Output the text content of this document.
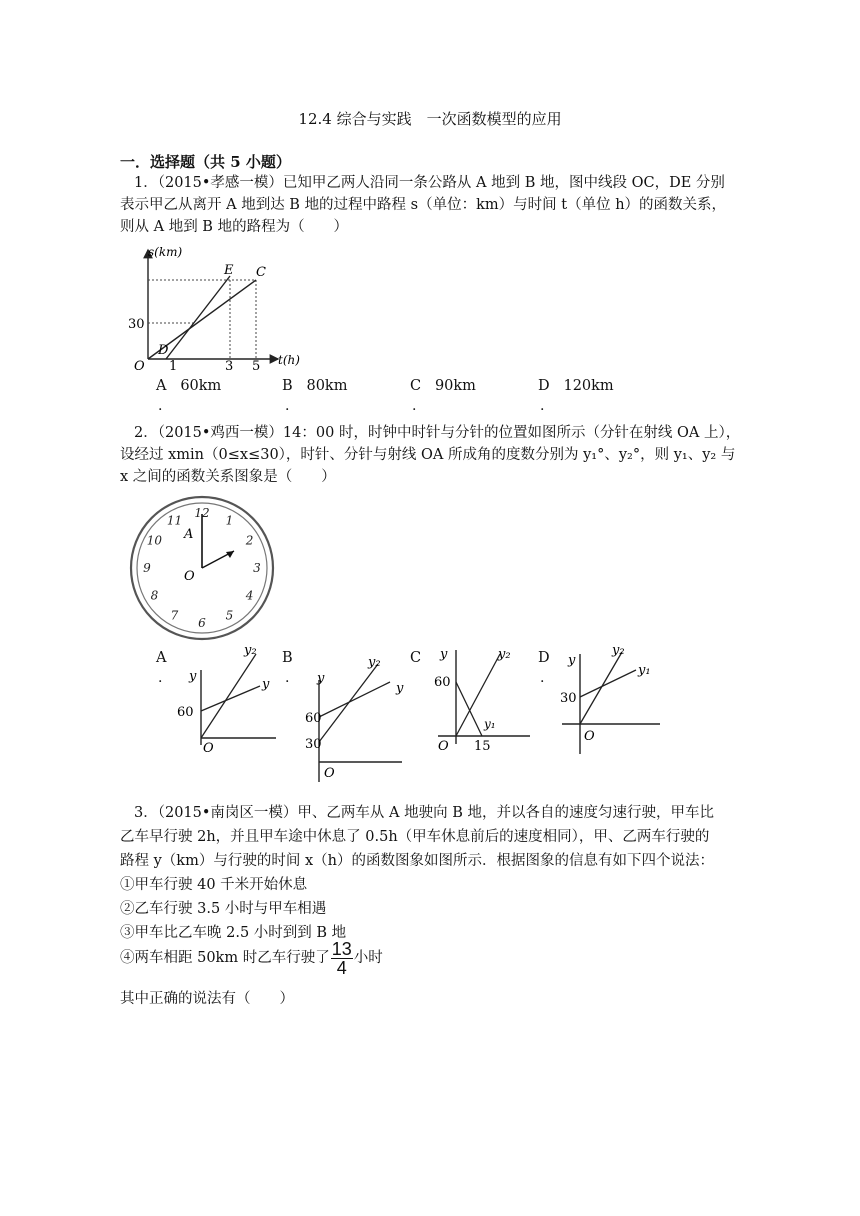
12.4 综合与实践　一次函数模型的应用
一．选择题（共 5 小题）
1．（2015•孝感一模）已知甲乙两人沿同一条公路从 A 地到 B 地，图中线段 OC，DE 分别
表示甲乙从离开 A 地到达 B 地的过程中路程 s（单位：km）与时间 t（单位 h）的函数关系，
则从 A 地到 B 地的路程为（　　）
s(km)
t(h)
30
1	3 5
O
D
E C
A 60km	B 80km	C 90km	D 120km
.	.	.	.
2．（2015•鸡西一模）14：00 时，时钟中时针与分针的位置如图所示（分针在射线 OA 上），
设经过 xmin（0≤x≤30），时针、分针与射线 OA 所成角的度数分别为 y₁°、y₂°，则 y₁、y₂ 与
x 之间的函数关系图象是（　　）
12
1
2
3
4
5
6
7
8
9
10
11
A
O
A	B	C	D
.	.	.
y
y₂
y
60
O
y
y₂
y
60
30
O
y	y₂
y₁
60
15
O
y
y₂
y₁
30
O
3．（2015•南岗区一模）甲、乙两车从 A 地驶向 B 地，并以各自的速度匀速行驶，甲车比
乙车早行驶 2h，并且甲车途中休息了 0.5h（甲车休息前后的速度相同），甲、乙两车行驶的
路程 y（km）与行驶的时间 x（h）的函数图象如图所示．根据图象的信息有如下四个说法：
①甲车行驶 40 千米开始休息
②乙车行驶 3.5 小时与甲车相遇
③甲车比乙车晚 2.5 小时到到 B 地
④两车相距 50km 时乙车行驶了 $\frac{13}{4}$ 小时
其中正确的说法有（　　）
